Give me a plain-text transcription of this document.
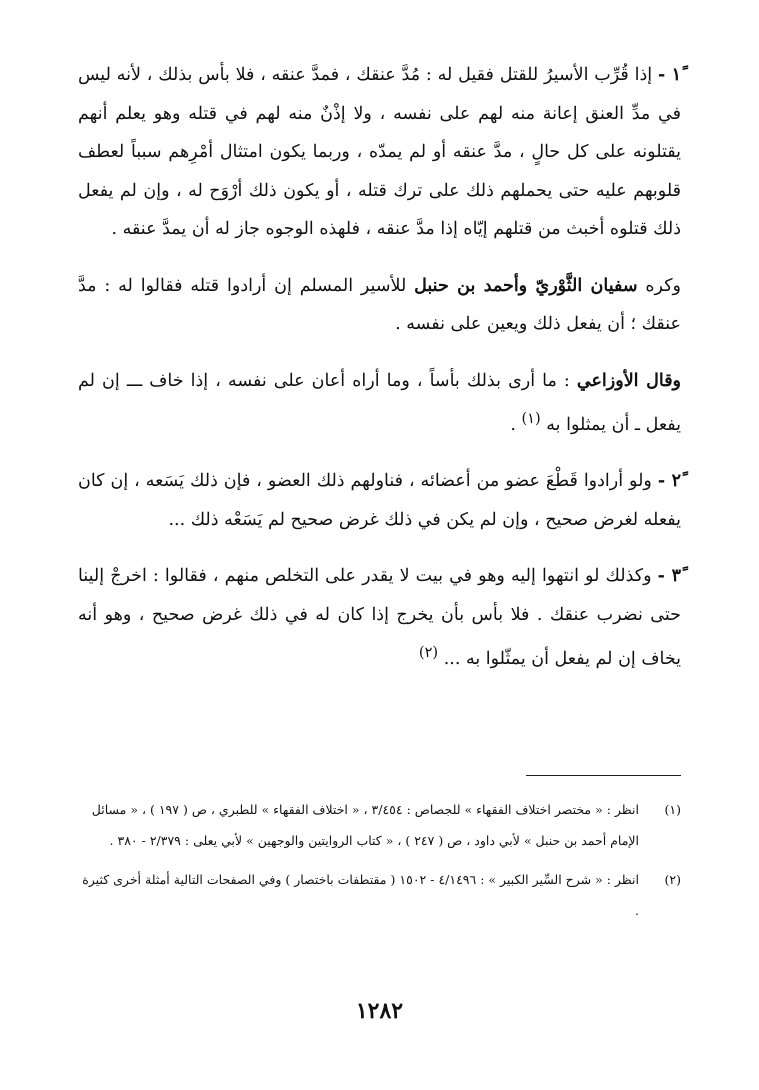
١ً - إذا قُرِّب الأسيرُ للقتل فقيل له : مُدَّ عنقك ، فمدَّ عنقه ، فلا بأس بذلك ، لأنه ليس في مدِّ العنق إعانة منه لهم على نفسه ، ولا إذْنٌ منه لهم في قتله وهو يعلم أنهم يقتلونه على كل حالٍ ، مدَّ عنقه أو لم يمدّه ، وربما يكون امتثال أمْرِهم سبباً لعطف قلوبهم عليه حتى يحملهم ذلك على ترك قتله ، أو يكون ذلك أرْوَح له ، وإن لم يفعل ذلك قتلوه أخبث من قتلهم إيّاه إذا مدَّ عنقه ، فلهذه الوجوه جاز له أن يمدَّ عنقه .

وكره سفيان الثَّوْريّ وأحمد بن حنبل للأسير المسلم إن أرادوا قتله فقالوا له : مدَّ عنقك ؛ أن يفعل ذلك ويعين على نفسه .

وقال الأوزاعي : ما أرى بذلك بأساً ، وما أراه أعان على نفسه ، إذا خاف ـــ إن لم يفعل ـ أن يمثلوا به $^{(١)}$ .

٢ً - ولو أرادوا قَطْعَ عضو من أعضائه ، فناولهم ذلك العضو ، فإن ذلك يَسَعه ، إن كان يفعله لغرض صحيح ، وإن لم يكن في ذلك غرض صحيح لم يَسَعْه ذلك ...

٣ً - وكذلك لو انتهوا إليه وهو في بيت لا يقدر على التخلص منهم ، فقالوا : اخرجْ إلينا حتى نضرب عنقك . فلا بأس بأن يخرج إذا كان له في ذلك غرض صحيح ، وهو أنه يخاف إن لم يفعل أن يمثّلوا به ... $^{(٢)}$

(١)
انظر : « مختصر اختلاف الفقهاء » للجصاص : ٣/٤٥٤ ، « اختلاف الفقهاء » للطبري ، ص ( ١٩٧ ) ، « مسائل الإمام أحمد بن حنبل » لأبي داود ، ص ( ٢٤٧ ) ، « كتاب الروايتين والوجهين » لأبي يعلى : ٢/٣٧٩ - ٣٨٠ .
(٢)
انظر : « شرح السِّير الكبير » : ٤/١٤٩٦ - ١٥٠٢ ( مقتطفات باختصار ) وفي الصفحات التالية أمثلة أخرى كثيرة .
١٢٨٢
